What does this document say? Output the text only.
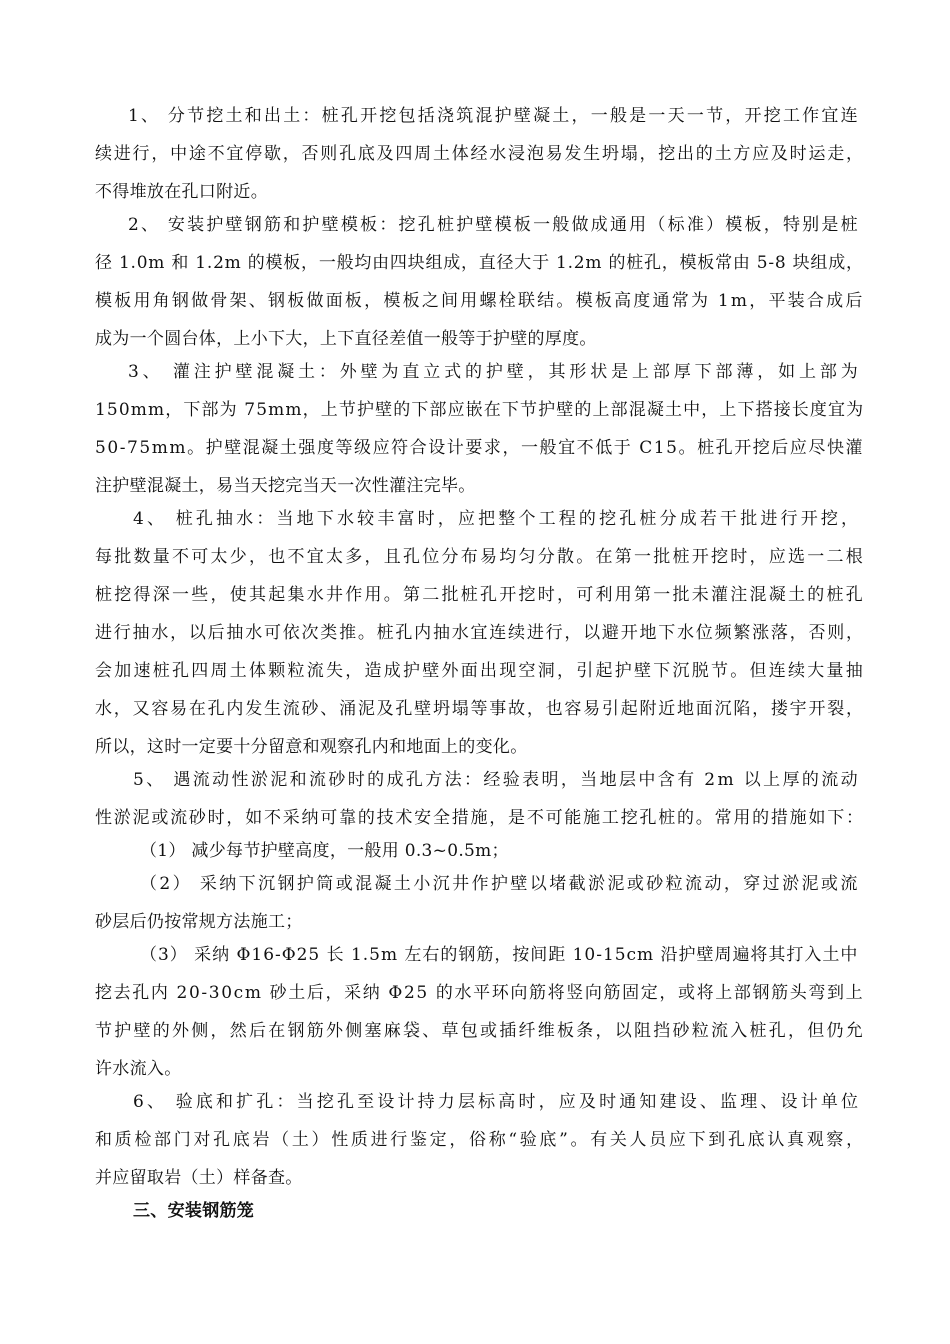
1、 分节挖土和出土：桩孔开挖包括浇筑混护壁凝土，一般是一天一节，开挖工作宜连
续进行，中途不宜停歇，否则孔底及四周土体经水浸泡易发生坍塌，挖出的土方应及时运走，
不得堆放在孔口附近。
2、 安装护壁钢筋和护壁模板：挖孔桩护壁模板一般做成通用（标准）模板，特别是桩
径 1.0m 和 1.2m 的模板，一般均由四块组成，直径大于 1.2m 的桩孔，模板常由 5-8 块组成，
模板用角钢做骨架、钢板做面板，模板之间用螺栓联结。模板高度通常为 1m，平装合成后
成为一个圆台体，上小下大，上下直径差值一般等于护壁的厚度。
3、 灌注护壁混凝土：外壁为直立式的护壁，其形状是上部厚下部薄，如上部为
150mm，下部为 75mm，上节护壁的下部应嵌在下节护壁的上部混凝土中，上下搭接长度宜为
50-75mm。护壁混凝土强度等级应符合设计要求，一般宜不低于 C15。桩孔开挖后应尽快灌
注护壁混凝土，易当天挖完当天一次性灌注完毕。
4、 桩孔抽水：当地下水较丰富时，应把整个工程的挖孔桩分成若干批进行开挖，
每批数量不可太少，也不宜太多，且孔位分布易均匀分散。在第一批桩开挖时，应选一二根
桩挖得深一些，使其起集水井作用。第二批桩孔开挖时，可利用第一批未灌注混凝土的桩孔
进行抽水，以后抽水可依次类推。桩孔内抽水宜连续进行，以避开地下水位频繁涨落，否则，
会加速桩孔四周土体颗粒流失，造成护壁外面出现空洞，引起护壁下沉脱节。但连续大量抽
水，又容易在孔内发生流砂、涌泥及孔壁坍塌等事故，也容易引起附近地面沉陷，搂宇开裂，
所以，这时一定要十分留意和观察孔内和地面上的变化。
5、 遇流动性淤泥和流砂时的成孔方法：经验表明，当地层中含有 2m 以上厚的流动
性淤泥或流砂时，如不采纳可靠的技术安全措施，是不可能施工挖孔桩的。常用的措施如下：
（1） 减少每节护壁高度，一般用 0.3~0.5m；
（2） 采纳下沉钢护筒或混凝土小沉井作护壁以堵截淤泥或砂粒流动，穿过淤泥或流
砂层后仍按常规方法施工；
（3） 采纳 Φ16-Φ25 长 1.5m 左右的钢筋，按间距 10-15cm 沿护壁周遍将其打入土中
挖去孔内 20-30cm 砂土后，采纳 Φ25 的水平环向筋将竖向筋固定，或将上部钢筋头弯到上
节护壁的外侧，然后在钢筋外侧塞麻袋、草包或插纤维板条，以阻挡砂粒流入桩孔，但仍允
许水流入。
6、 验底和扩孔：当挖孔至设计持力层标高时，应及时通知建设、监理、设计单位
和质检部门对孔底岩（土）性质进行鉴定，俗称“验底”。有关人员应下到孔底认真观察，
并应留取岩（土）样备查。
三、安装钢筋笼
